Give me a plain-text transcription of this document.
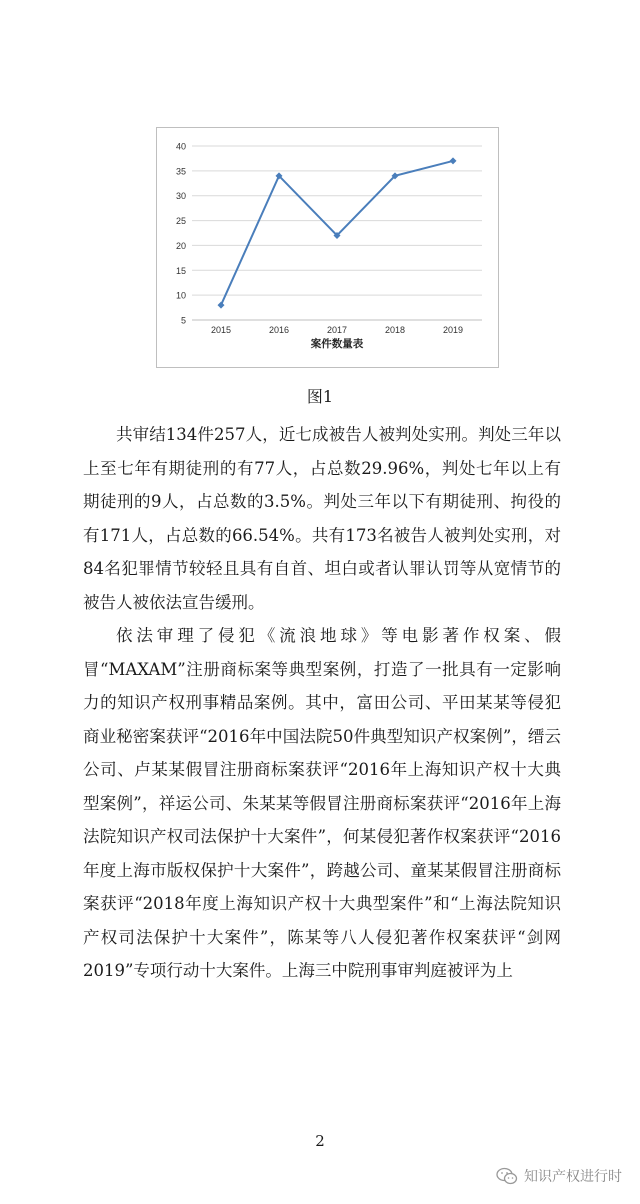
5
10
15
20
25
30
35
40
2015	2016	2017	2018	2019
案件数量表

图1

共审结134件257人，近七成被告人被判处实刑。判处三年以上至七年有期徒刑的有77人，占总数29.96%，判处七年以上有期徒刑的9人，占总数的3.5%。判处三年以下有期徒刑、拘役的有171人，占总数的66.54%。共有173名被告人被判处实刑，对84名犯罪情节较轻且具有自首、坦白或者认罪认罚等从宽情节的被告人被依法宣告缓刑。

依法审理了侵犯《流浪地球》等电影著作权案、假冒“MAXAM”注册商标案等典型案例，打造了一批具有一定影响力的知识产权刑事精品案例。其中，富田公司、平田某某等侵犯商业秘密案获评“2016年中国法院50件典型知识产权案例”，缙云公司、卢某某假冒注册商标案获评“2016年上海知识产权十大典型案例”，祥运公司、朱某某等假冒注册商标案获评“2016年上海法院知识产权司法保护十大案件”，何某侵犯著作权案获评“2016年度上海市版权保护十大案件”，跨越公司、童某某假冒注册商标案获评“2018年度上海知识产权十大典型案件”和“上海法院知识产权司法保护十大案件”，陈某等八人侵犯著作权案获评“剑网2019”专项行动十大案件。上海三中院刑事审判庭被评为上

2

知识产权进行时
